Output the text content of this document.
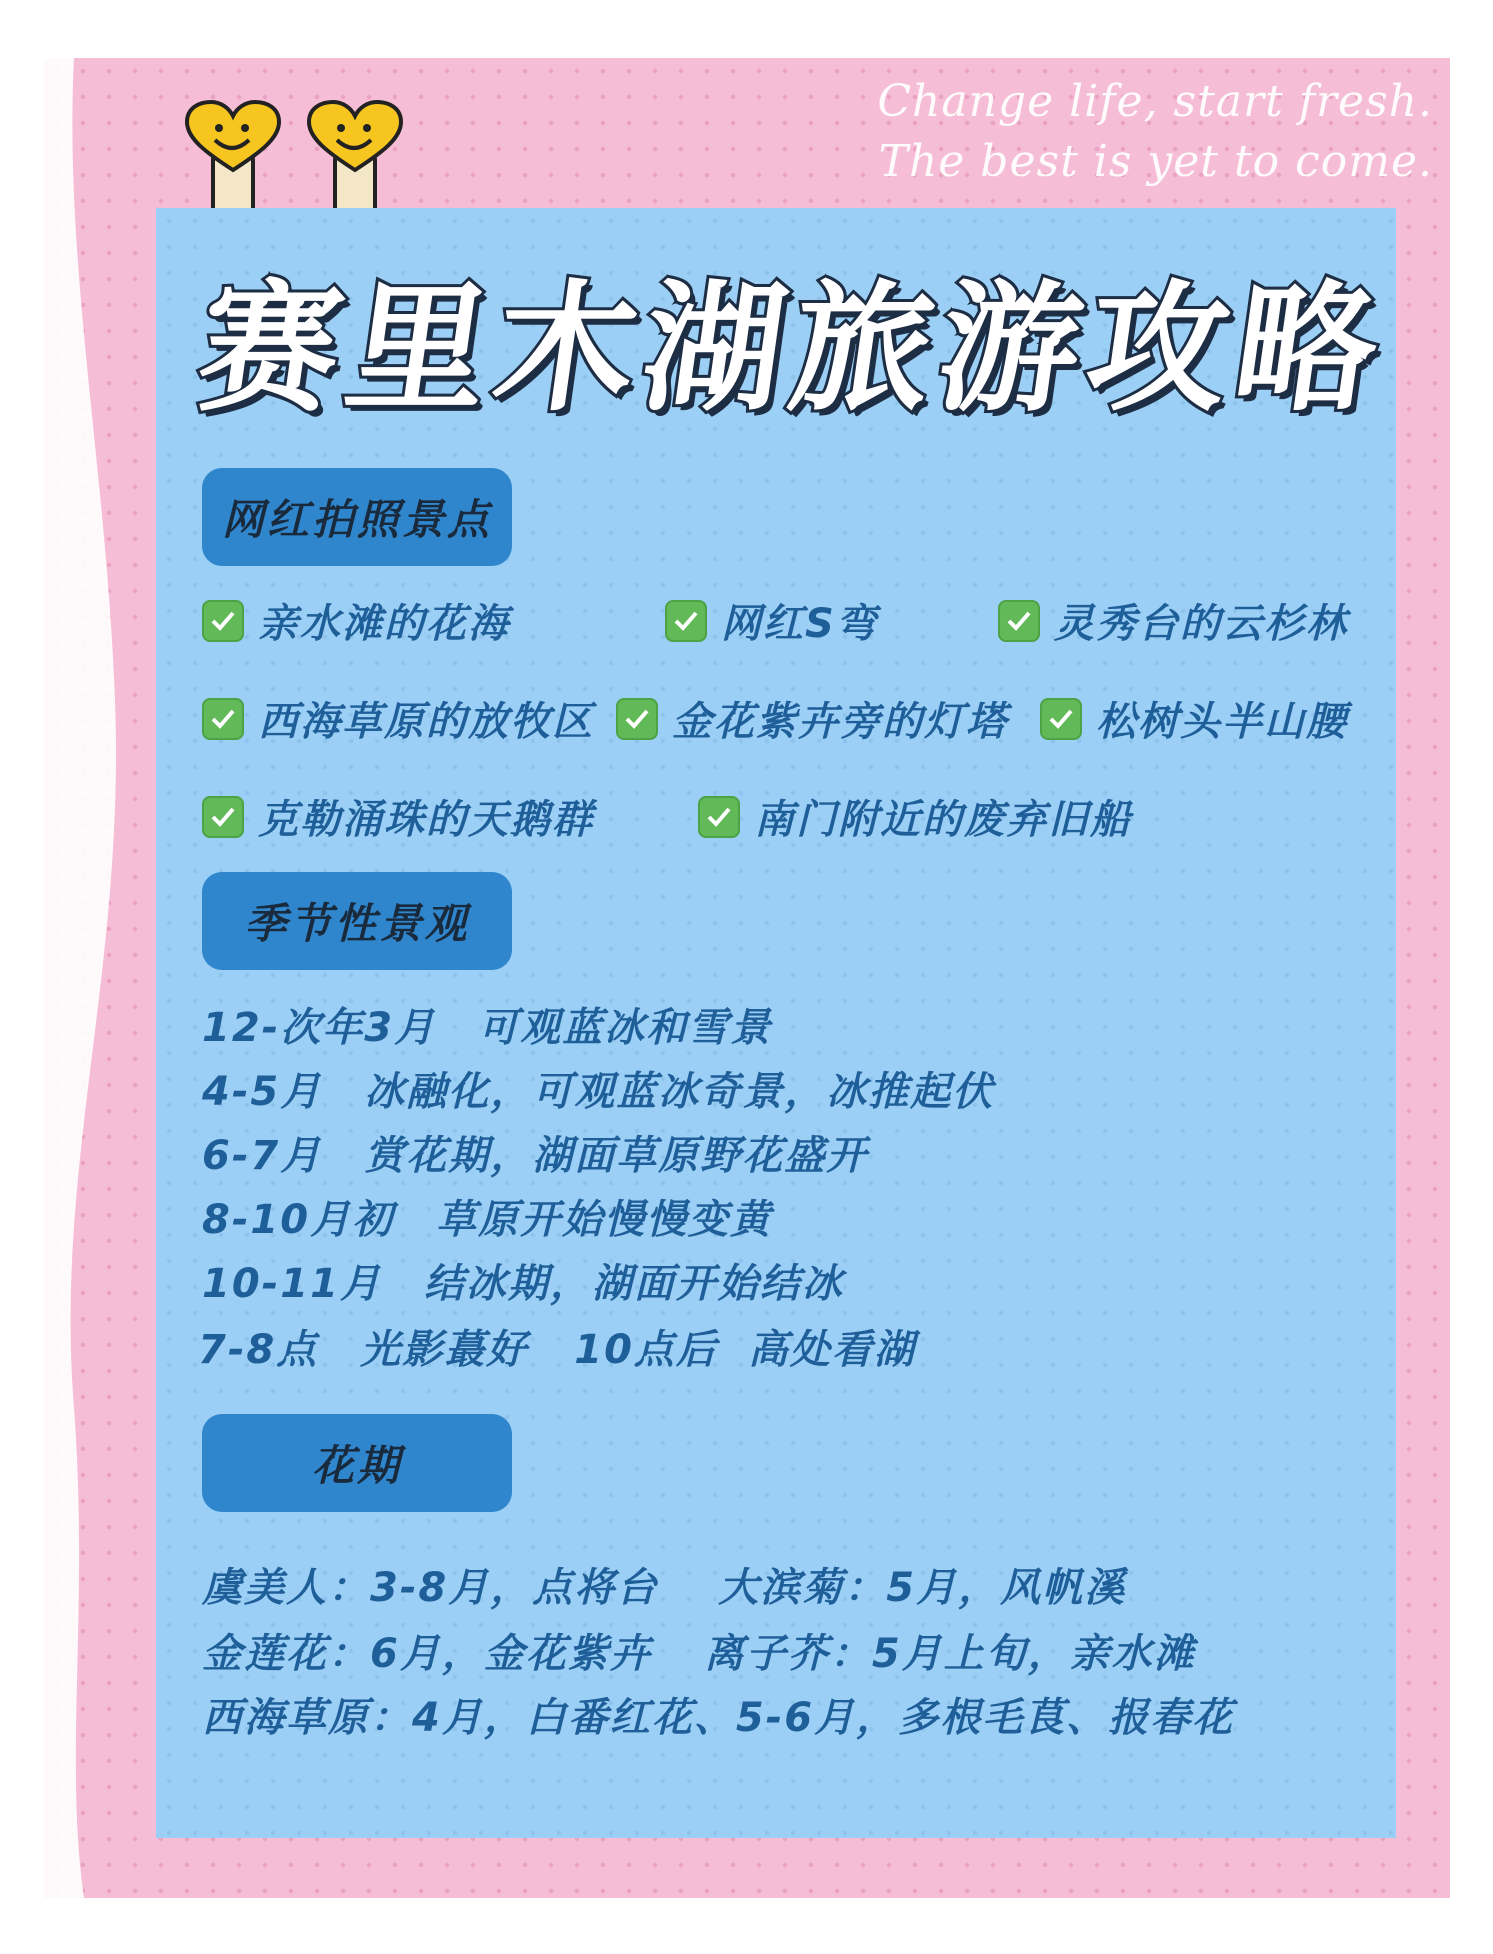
Change life, start fresh.
The best is yet to come.
赛里木湖旅游攻略
网红拍照景点
亲水滩的花海	网红S弯	灵秀台的云杉林
西海草原的放牧区 金花紫卉旁的灯塔 松树头半山腰
克勒涌珠的天鹅群	南门附近的废弃旧船
季节性景观
12-次年3月 可观蓝冰和雪景
4-5月 冰融化，可观蓝冰奇景，冰推起伏
6-7月 赏花期，湖面草原野花盛开
8-10月初 草原开始慢慢变黄
10-11月 结冰期，湖面开始结冰
7-8点 光影蕞好 10点后 高处看湖
花期
虞美人：3-8月，点将台 大滨菊：5月，风帆溪
金莲花：6月，金花紫卉 离子芥：5月上旬，亲水滩
西海草原：4月，白番红花、5-6月，多根毛茛、报春花
